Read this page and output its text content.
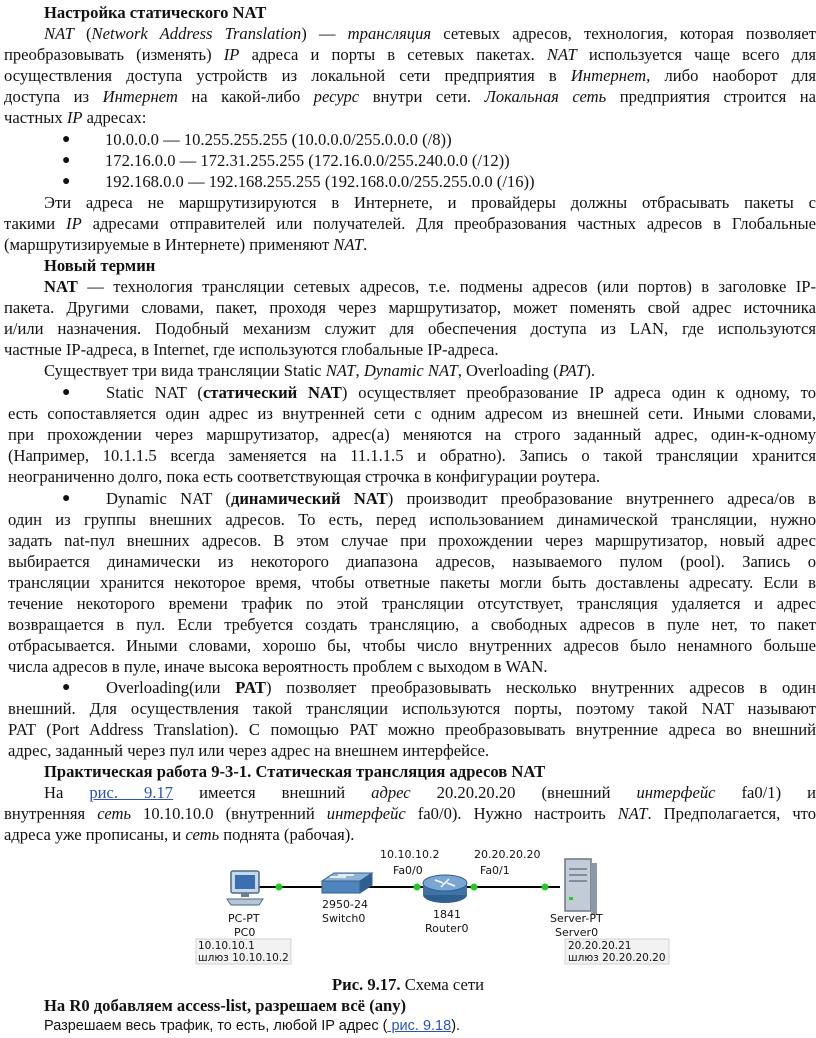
Настройка статического NAT
NAT (Network Address Translation) — трансляция сетевых адресов, технология, которая позволяет
преобразовывать (изменять) IP адреса и порты в сетевых пакетах. NAT используется чаще всего для
осуществления доступа устройств из локальной сети предприятия в Интернет, либо наоборот для
доступа из Интернет на какой-либо ресурс внутри сети. Локальная сеть предприятия строится на
частных IP адресах:
● 10.0.0.0 — 10.255.255.255 (10.0.0.0/255.0.0.0 (/8))
● 172.16.0.0 — 172.31.255.255 (172.16.0.0/255.240.0.0 (/12))
● 192.168.0.0 — 192.168.255.255 (192.168.0.0/255.255.0.0 (/16))
Эти адреса не маршрутизируются в Интернете, и провайдеры должны отбрасывать пакеты с
такими IP адресами отправителей или получателей. Для преобразования частных адресов в Глобальные
(маршрутизируемые в Интернете) применяют NAT.
Новый термин
NAT — технология трансляции сетевых адресов, т.е. подмены адресов (или портов) в заголовке IP-
пакета. Другими словами, пакет, проходя через маршрутизатор, может поменять свой адрес источника
и/или назначения. Подобный механизм служит для обеспечения доступа из LAN, где используются
частные IP-адреса, в Internet, где используются глобальные IP-адреса.
Существует три вида трансляции Static NAT, Dynamic NAT, Overloading (PAT).
● Static NAT (статический NAT) осуществляет преобразование IP адреса один к одному, то
есть сопоставляется один адрес из внутренней сети с одним адресом из внешней сети. Иными словами,
при прохождении через маршрутизатор, адрес(а) меняются на строго заданный адрес, один-к-одному
(Например, 10.1.1.5 всегда заменяется на 11.1.1.5 и обратно). Запись о такой трансляции хранится
неограниченно долго, пока есть соответствующая строчка в конфигурации роутера.
● Dynamic NAT (динамический NAT) производит преобразование внутреннего адреса/ов в
один из группы внешних адресов. То есть, перед использованием динамической трансляции, нужно
задать nat-пул внешних адресов. В этом случае при прохождении через маршрутизатор, новый адрес
выбирается динамически из некоторого диапазона адресов, называемого пулом (pool). Запись о
трансляции хранится некоторое время, чтобы ответные пакеты могли быть доставлены адресату. Если в
течение некоторого времени трафик по этой трансляции отсутствует, трансляция удаляется и адрес
возвращается в пул. Если требуется создать трансляцию, а свободных адресов в пуле нет, то пакет
отбрасывается. Иными словами, хорошо бы, чтобы число внутренних адресов было ненамного больше
числа адресов в пуле, иначе высока вероятность проблем с выходом в WAN.
● Overloading(или PAT) позволяет преобразовывать несколько внутренних адресов в один
внешний. Для осуществления такой трансляции используются порты, поэтому такой NAT называют
PAT (Port Address Translation). С помощью PAT можно преобразовывать внутренние адреса во внешний
адрес, заданный через пул или через адрес на внешнем интерфейсе.
Практическая работа 9-3-1. Статическая трансляция адресов NAT
На рис. 9.17 имеется внешний адрес 20.20.20.20 (внешний интерфейс fa0/1) и
внутренняя сеть 10.10.10.0 (внутренний интерфейс fa0/0). Нужно настроить NAT. Предполагается, что
адреса уже прописаны, и сеть поднята (рабочая).
10.10.10.2
Fa0/0
20.20.20.20
Fa0/1
2950-24
Switch0	1841
Router0
PC-PT
PC0
10.10.10.1
шлюз 10.10.10.2
Server-PT
Server0
20.20.20.21
шлюз 20.20.20.20
Рис. 9.17. Схема сети
На R0 добавляем access-list, разрешаем всё (any)
Разрешаем весь трафик, то есть, любой IP адрес ( рис. 9.18).
